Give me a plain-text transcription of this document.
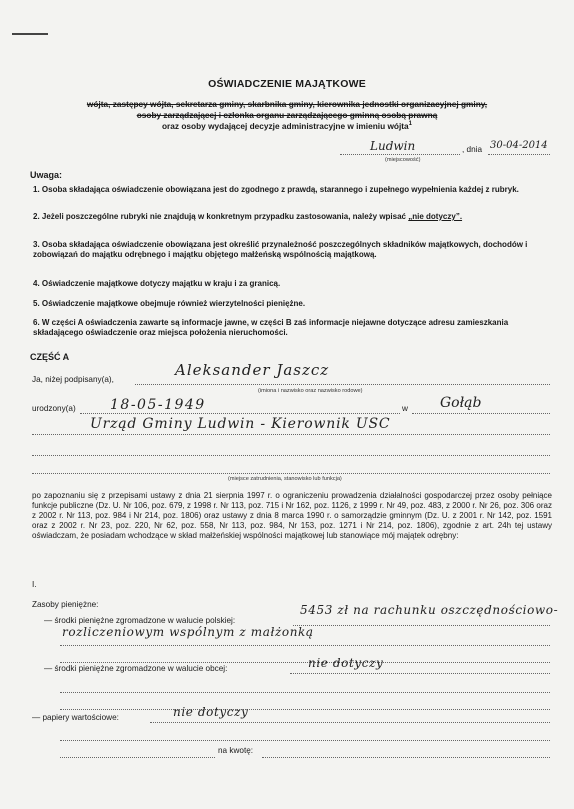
OŚWIADCZENIE MAJĄTKOWE
wójta, zastępcy wójta, sekretarza gminy, skarbnika gminy, kierownika jednostki organizacyjnej gminy,
osoby zarządzającej i członka organu zarządzającego gminną osobą prawną
oraz osoby wydającej decyzje administracyjne w imieniu wójta$^1$
Ludwin	, dnia 30-04-2014
(miejscowość)
Uwaga:
1. Osoba składająca oświadczenie obowiązana jest do zgodnego z prawdą, starannego i zupełnego wypełnienia każdej z rubryk.
2. Jeżeli poszczególne rubryki nie znajdują w konkretnym przypadku zastosowania, należy wpisać „nie dotyczy”.
3. Osoba składająca oświadczenie obowiązana jest określić przynależność poszczególnych składników majątkowych, dochodów i zobowiązań do majątku odrębnego i majątku objętego małżeńską wspólnością majątkową.
4. Oświadczenie majątkowe dotyczy majątku w kraju i za granicą.
5. Oświadczenie majątkowe obejmuje również wierzytelności pieniężne.
6. W części A oświadczenia zawarte są informacje jawne, w części B zaś informacje niejawne dotyczące adresu zamieszkania składającego oświadczenie oraz miejsca położenia nieruchomości.
CZĘŚĆ A
Ja, niżej podpisany(a),
Aleksander Jaszcz
(imiona i nazwisko oraz nazwisko rodowe)
urodzony(a) 18-05-1949	w Gołąb
Urząd Gminy Ludwin - Kierownik USC
(miejsce zatrudnienia, stanowisko lub funkcja)
po zapoznaniu się z przepisami ustawy z dnia 21 sierpnia 1997 r. o ograniczeniu prowadzenia działalności gospodarczej przez osoby pełniące funkcje publiczne (Dz. U. Nr 106, poz. 679, z 1998 r. Nr 113, poz. 715 i Nr 162, poz. 1126, z 1999 r. Nr 49, poz. 483, z 2000 r. Nr 26, poz. 306 oraz z 2002 r. Nr 113, poz. 984 i Nr 214, poz. 1806) oraz ustawy z dnia 8 marca 1990 r. o samorządzie gminnym (Dz. U. z 2001 r. Nr 142, poz. 1591 oraz z 2002 r. Nr 23, poz. 220, Nr 62, poz. 558, Nr 113, poz. 984, Nr 153, poz. 1271 i Nr 214, poz. 1806), zgodnie z art. 24h tej ustawy oświadczam, że posiadam wchodzące w skład małżeńskiej wspólności majątkowej lub stanowiące mój majątek odrębny:
I.
Zasoby pieniężne:
— środki pieniężne zgromadzone w walucie polskiej:
5453 zł na rachunku oszczędnościowo-
rozliczeniowym wspólnym z małżonką
— środki pieniężne zgromadzone w walucie obcej:	nie dotyczy
— papiery wartościowe:	nie dotyczy
na kwotę:
